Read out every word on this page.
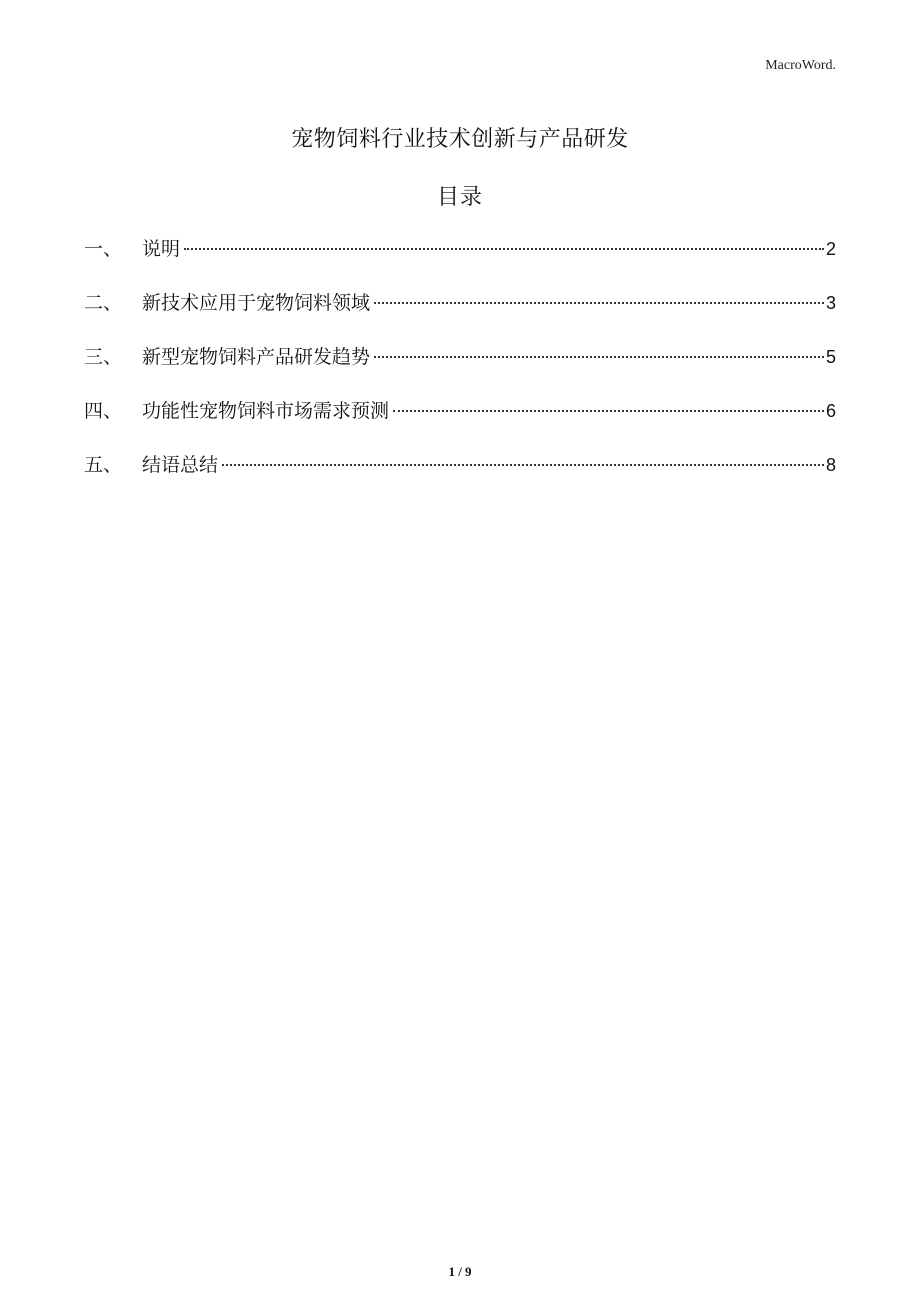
MacroWord.
宠物饲料行业技术创新与产品研发
目录
一、	说明	2
二、	新技术应用于宠物饲料领域	3
三、	新型宠物饲料产品研发趋势	5
四、	功能性宠物饲料市场需求预测	6
五、	结语总结	8
1 / 9
